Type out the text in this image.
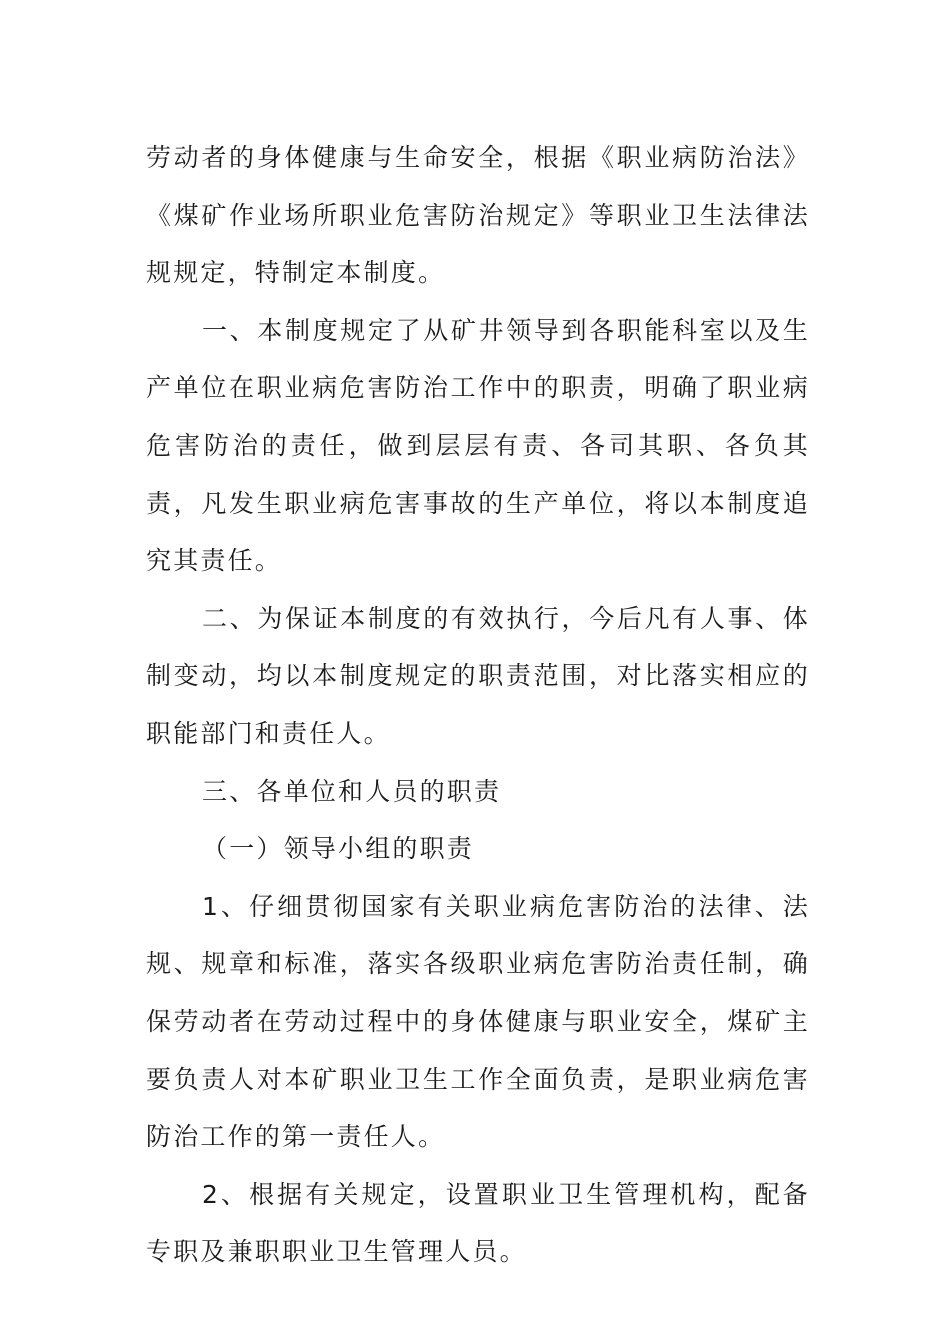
劳动者的身体健康与生命安全，根据《职业病防治法》《煤矿作业场所职业危害防治规定》等职业卫生法律法规规定，特制定本制度。

一、本制度规定了从矿井领导到各职能科室以及生产单位在职业病危害防治工作中的职责，明确了职业病危害防治的责任，做到层层有责、各司其职、各负其责，凡发生职业病危害事故的生产单位，将以本制度追究其责任。

二、为保证本制度的有效执行，今后凡有人事、体制变动，均以本制度规定的职责范围，对比落实相应的职能部门和责任人。

三、各单位和人员的职责

（一）领导小组的职责

1、仔细贯彻国家有关职业病危害防治的法律、法规、规章和标准，落实各级职业病危害防治责任制，确保劳动者在劳动过程中的身体健康与职业安全，煤矿主要负责人对本矿职业卫生工作全面负责，是职业病危害防治工作的第一责任人。

2、根据有关规定，设置职业卫生管理机构，配备专职及兼职职业卫生管理人员。
